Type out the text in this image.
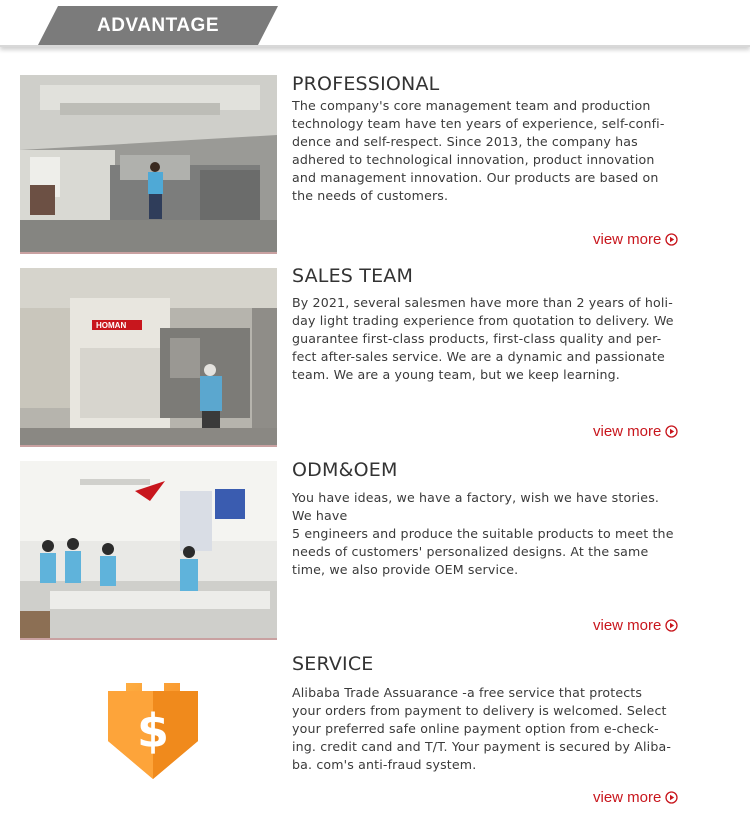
ADVANTAGE
PROFESSIONAL
The company's core management team and production
technology team have ten years of experience, self-confi-
dence and self-respect. Since 2013, the company has
adhered to technological innovation, product innovation
and management innovation. Our products are based on
the needs of customers.
view more
HOMAN
SALES TEAM
By 2021, several salesmen have more than 2 years of holi-
day light trading experience from quotation to delivery. We
guarantee first-class products, first-class quality and per-
fect after-sales service. We are a dynamic and passionate
team. We are a young team, but we keep learning.
view more
ODM&OEM
You have ideas, we have a factory, wish we have stories.
We have
5 engineers and produce the suitable products to meet the
needs of customers' personalized designs. At the same
time, we also provide OEM service.
view more
$
SERVICE
Alibaba Trade Assuarance -a free service that protects
your orders from payment to delivery is welcomed. Select
your preferred safe online payment option from e-check-
ing. credit cand and T/T. Your payment is secured by Aliba-
ba. com's anti-fraud system.
view more
